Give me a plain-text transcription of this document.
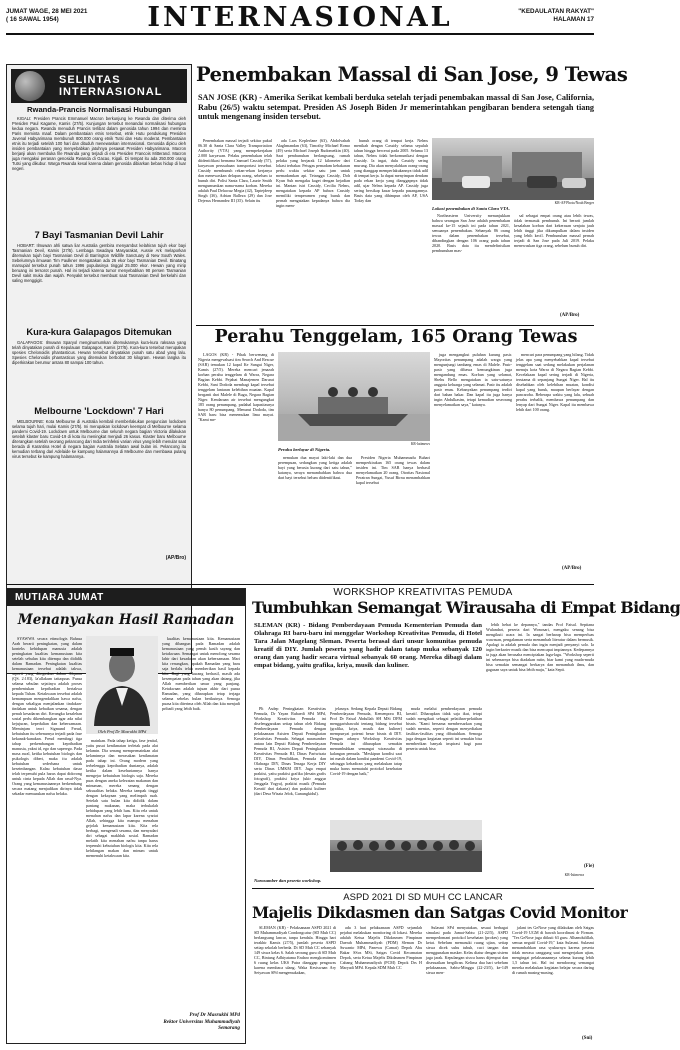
JUMAT WAGE, 28 MEI 2021
( 16 SAWAL 1954)	INTERNASIONAL	"KEDAULATAN RAKYAT"
HALAMAN 17
SELINTAS
INTERNASIONAL
Rwanda-Prancis Normalisasi Hubungan

KIGALI: Presiden Prancis Emmanuel Macron berkunjung ke Rwanda dan diterima oleh Presiden Paul Kagame, Kamis (27/5). Kunjungan tersebut menandai normalisasi hubungan kedua negara. Rwanda menuduh Prancis terlibat dalam genosida tahun 1994 dan meminta Paris meminta maaf. Dalam pembantaian etnis tersebut, etnik Hutu pendukung Presiden Juvenal Habyarimana membunuh 800.000 orang etnik Tutsi dan Hutu moderat. Pembantaian etnis itu terjadi setelah 100 hari dan dituduh menewaskan internasional. Genosida dipicu oleh insiden pembantaian yang menyebabkan jatuhnya pesawat Presiden Habyarimana. Macron berjanji akan membuka file Rwanda yang terjadi di era Presiden Francois Mitterand. Macron juga mengakui peranan genosida Rwanda di Gacao, Kigali. Di tempat itu ada 250.000 orang Tutsi yang dikubur. Warga Rwanda kesal karena dalam genosida dibiarkan bebas hidup di luar negeri.

7 Bayi Tasmanian Devil Lahir

HOBART: Ilmuwan ahli satwa liar Australia gembira menyambut kelahiran tujuh ekor bayi Tasmanian Devil, Kamis (27/5). Lembaga Swadaya Masyarakat, Aussie Ark melaporkan ditemukan tujuh bayi Tasmanian Devil di Barrington Wildlife Sanctuary di New South Wales. Sebelumnya ilmuwan Tim Faulkner mengatakan ada 26 ekor bayi Tasmanian Devil. Binatang marsupial tersebut punah tahun 1996 populasinya tinggal 25.000 ekor. Hewan yang mirip beruang ini tersorot punah. Hal ini terjadi karena tumor menyebabkan 90 persen Tasmanian Devil sakit muka dan wajah. Penyakit tersebut membuat saat Tasmanian Devil berkelahi dan saling menggigit.

Kura-kura Galapagos Ditemukan

GALAPAGOS: Ilmuwan Sparyol menginumumkan ditemukannya kura-kura raksasa yang telah dinyatakan punah di Kepulauan Galapagos, Kamis (27/5). Kura-kura tersebut merupakan spesies Chelonoidis phantasticus. Hewan tersebut dinyatakan punah satu abad yang lalu. Spesies Chelonoidis phantasticus yang ditemukan berbobot 30 kilogram. Hewan langka itu diperkirakan berumur antara 80 sampai 100 tahun.

Melbourne 'Lockdown' 7 Hari

MELBOURNE: Kota Melbourne di Australia kembali memberlakukan penguncian lockdown selama tujuh hari, mulai Kamis (27/5). Ini merupakan lockdown keempat di Melbourne selama pandemi Covid-19. Lockdown untuk Melbourne dan seluruh negara bagian Victoria dilakukan setelah klaster baru Covid-19 di kota itu meningkat menjadi 26 kasus. Klaster baru Melbourne diterangkan setelah seorang pelancong dari India terinfeksi varian virus yang lebih menular saat berada di Karantina Hotel di negara bagian Australia Selatan awal bulan ini. Pelancong itu kemudian terbang dari Adelaide ke kampung halamannya di Melbourne dan membawa pulang virus tersebut ke kampung halamannya.

(AP/Bro)
Penembakan Massal di San Jose, 9 Tewas

SAN JOSE (KR) - Amerika Serikat kembali berduka setelah terjadi penembakan massal di San Jose, California, Rabu (26/5) waktu setempat. Presiden AS Joseph Biden Jr memerintahkan pengibaran bendera setengah tiang untuk mengenang insiden tersebut.

Penembakan massal terjadi sekitar pukul 06.30 di Santa Clara Valley Transportation Authority (VTA) yang mempekerjakan 2.000 karyawan. Pelaku penembakan telah diidentifikasi bernama Samuel Cassidy (57), karyawan perusahaan transportasi tersebut. Cassidy membunuh rekan-rekan kerjanya dan menewaskan delapan orang, sebelum ia bunuh diri. Polisi Santa Clara, Laurie Smith mengumumkan nama-nama korban. Mereka adalah Paul Delacruz Megia (42), Taptejdeep Singh (36), Adrian Balleza (29) dan Jose Dejesus Hernandez III (35). Selain itu

ada Lars Keplerlane (63), Abdolvahab Alaghmandan (63), Timothy Michael Romo (49) serta Michael Joseph Rudometkin (40). Saat pembunuhan berlangsung, rumah pelaku yang berjarak 12 kilometer dari lokasi terbakar. Petugas pemadam kebakaran perlu waktu sekitar satu jam untuk memadamkan api. Tetangga Cassidy, Doh Kyun Suh mengaku kaget dengan kejadian ini. Mantan istri Cassidy, Cecilia Nelms, mengatakan kepada AP bahwa Cassidy memiliki temperamen yang buruk dan pernah mengatakan kepadanya bahwa dia ingin mem-

bunuh orang di tempat kerja. Nelms menikah dengan Cassidy selama sepuluh tahun hingga bercerai pada 2005. Selama 13 tahun, Nelms tidak berkomunikasi dengan Cassidy. Ia ingat, dulu Cassidy sering murung. Dia akan menyalahkan orang-orang yang dianggap memperlakukannya tidak adil di tempat kerja. Ia dapat menyimpan dendam pada rekan kerja yang dianggapnya tidak adil, ujar Nelms kepada AP. Cassidy juga sering bersikap kasar kepada pasangannya. Basis data yang dihimpun oleh AP, USA Today dan	KR-AP Photo/Noah Berger
Lokasi penembakan di Santa Clara VTA.

Northeastern University menunjukkan bahwa serangan San Jose adalah penembakan massal ke-15 sejauh ini pada tahun 2021, semuanya penembakan. Sebanyak 86 orang tewas dalam penembakan tersebut, dibandingkan dengan 106 orang pada tahun 2020. Basis data itu mendefinisikan pembunuhan mas-

sal sebagai empat orang atau lebih tewas, tidak termasuk pembunuh. Ini berarti jumlah kesalahan korban dari kekerasan senjata jauh lebih tinggi jika dikumpulkan dalam insiden yang lebih kecil. Pembunuhan massal pernah terjadi di San Jose pada Juli 2019. Pelaku menewaskan tiga orang, sebelum bunuh diri.

(AP/Bro)
Perahu Tenggelam, 165 Orang Tewas

LAGOS (KR) - Pihak berwenang di Nigeria mengevaluasi tim Search And Rescue (SAR) temukan 12 kapal Ke Sungai Niger, Kamis (27/5). Mereka mencari jenazah korban perahu tenggelam di Warra, Negara Bagian Kebbi. Pejabat Manajemen Darurat Kebbi, Sani Dododa membagi kapal tersebut tenggelam lantaran kelebihan muatan. Kapal berganti dari Malele di Bugu, Negara Bagian Niger. Kendaraan air tersebut mengangkut 185 orang penumpang, padahal kapasitasnya hanya 80 penumpang. Menurut Dododa, tim SAR baru bisa menemukan lima mayat. "Kami me-

KR-latimews
Perahu berlayar di Nigeria.

nemukan dua mayat laki-laki dan dua perempuan, sedangkan yang ketiga adalah bayi yang berusia kurang dari satu tahun," katanya, seraya menambahkan bahwa dua dari bayi tersebut belum diidentifikasi.

Presiden Nigeria Muhammadu Buhari memperkirakan 165 orang tewas dalam insiden ini. Tim SAR hanya berhasil menyelamatkan 20 orang. Otoritas Nasional Perairan Sungai, Yusuf Birnu menambahkan kapal tersebut

juga mengangkut puluhan karung pasir. Mayoritas penumpang adalah warga yang mengunjungi tambang emas di Malele. Pasir-pasir yang dibawa kemungkinan juga mengandung emas. Korban yang selamat, Shehu Bello mengatakan ia satu-satunya anggota keluarga yang selamat. Pasir itu adalah pasir emas. Kebanyakan penumpang terdiri dari bahan bakar. Dan kapal itu juga hanya ingin Abdulkasim, tetapi kemudian seseorang menyelamatkan saya," katanya.

mencari para penumpang yang hilang. Tidak jelas apa yang menyebabkan kapal tersebut tenggelam saat sedang melakukan perjalanan menuju kota Warra di Negara Bagian Kebbi. Kecelakaan kapal sering terjadi di Nigeria, terutama di sepanjang Sungai Niger. Hal itu disebabkan oleh kelebihan muatan, kondisi kapal yang buruk, maupun berlayar dengan pancaroba. Beberapa waktu yang lalu, sebuah perahu terbalik, membawa penumpang dan lenyap dari Sungai Niger. Kapal itu membawa lebih dari 100 orang.

(AP/Bro)
MUTIARA JUMAT
Menanyakan Hasil Ramadan

SYAWWA secara etimologis Bahasa Arab berarti peningkatan, yang dalam konteks kehidupan manusia adalah peningkatan kualitas kemanusiaan kita setelah sebulan kita ditempa dan dididik dalam Ramadan. Peningkatan kualitas kemanusiaan tersebut adalah takwa, seperti yang ditegaskan dalam Alquran (QS. 2:183), la'allakum tattaquun. Puasa selama sebulan sejatinya adalah proses pembentukan kepribadian bertakwa kepada Tuhan. Ketakwaan tersebut adalah kemampuan mengendalikan hawa nafsu, dengan sekaligus menjalankan tindakan-tindakan untuk kebaikan sesama, dengan penuh kesadaran diri. Kerangka kesalehan sosial perlu dikembangkan agar ada nilai kejujuran, kepedulian dan kebersamaan. Meminjam teori Sigmund Freud, kebutuhan itu sebenarnya terjadi pada fase kekanak-kanakan. Freud membagi tiga tahap perkembangan kepribadian manusia, yakni id, ego dan superego. Pada masa awal, ketika kebutuhan biologis dan psikologis diberi, maka itu adalah kebutuhan sederhana untuk keseimbangan. Kalau kebutuhan dasar telah terpenuhi pula harus dapat didorong untuk cinta kepada Allah dan rasul-Nya. Orang yang kemanusiaannya berkembang secara matang menjadikan dirinya tidak sekadar memuaskan nafsu belaka.

Oleh Prof Dr Masrukhi MPd

mainkan. Pada tahap ketiga, fase jenital, yaitu pusat kenikmatan terletak pada alat kelamin. Dia senang mempermainkan alat kelaminnya dan merasakan kenikmatan pada tahap ini. Orang modern yang terbelenggu kepribadian dunianya, adalah ketika dalam kesehariannya hanya mengejar kebutuhan biologis saja. Mereka puas dengan aneka kelezatan makanan dan minuman, mereka senang dengan seksualitas belaka. Mereka tampak tinggi dengan kekayaan yang melimpah ruah. Setelah satu bulan kita dididik dalam pantang makanan, maka terbukalah kehidupan yang lebih luas. Kita rela untuk menahan nafsu dan lapar karena syariat Allah, sehingga kita mampu menahan gejolak kemanusiaan kita. Kita rela berbagi, mengenali sesama, dan menyadari diri sebagai makhluk sosial. Ramadan melatih kita menahan nafsu tanpa harus terpenuhi kebutuhan biologis kita. Kita rela kehilangan makan dan minum untuk memenuhi ketakwaan kita.

kualitas kemanusiaan kita. Kemanusiaan yang dibangun pada Ramadan adalah kemanusiaan yang penuh kasih sayang dan ketakwaan. Semangat untuk menolong sesama lahir dari kesadaran akan kebersamaan. Mari kita renungkan, apakah Ramadan yang baru saja berlalu telah memberikan hasil kepada kita. Bagi yang kurang berhasil, masih ada kesempatan pada tahun yang akan datang, jika Allah memberikan umur yang panjang. Ketakwaan adalah tujuan akhir dari puasa Ramadan, yang diharapkan tetap terjaga selama sebelas bulan berikutnya. Semoga puasa kita diterima oleh Allah dan kita menjadi pribadi yang lebih baik.

Prof Dr Masrukhi MPd
Rektor Universitas Muhammadiyah Semarang
WORKSHOP KREATIVITAS PEMUDA
Tumbuhkan Semangat Wirausaha di Empat Bidang

SLEMAN (KR) - Bidang Pemberdayaan Pemuda Kementerian Pemuda dan Olahraga RI baru-baru ini menggelar Workshop Kreativitas Pemuda, di Hotel Tara Jalan Magelang Sleman. Peserta berasal dari unsur komunitas pemuda kreatif di DIY. Jumlah peserta yang hadir dalam tatap muka sebanyak 120 orang dan yang hadir secara virtual sebanyak 60 orang. Mereka dibagi dalam empat bidang, yaitu grafika, kriya, musik dan kuliner.

Plt Asdep Peningkatan Kreativitas Pemuda, Dr Yayan Rubaedi SPd MPd, Workshop Kreativitas Pemuda ini diselenggarakan setiap tahun oleh Bidang Pemberdayaan Pemuda dengan pelaksanaan Asisten Deputi Peningkatan Kreativitas Pemuda. Sebagai narasumber antara lain Deputi Bidang Pemberdayaan Pemuda RI, Asisten Deputi Peningkatan Kreativitas Pemuda RI, Dinas Pariwisata DIY, Dinas Pendidikan, Pemuda dan Olahraga DIY, Dinas Tenaga Kerja DIY serta Dinas UMKM DIY. Juga empat praktisi, yaitu praktisi grafika (desain grafis fotografi), praktisi kriya (ukir anggur Jenggala Yogya), praktisi musik (Pemuda Kreatif dari dakarta) dan praktisi kuliner (dari Desa Wisata Jelok, Gunungkidul).

jelasnya. Sedang Kepala Deputi Bidang Pemberdayaan Pemuda, Kemenpora RI, Prof Dr Faisal Abdullah SH MSi DFM menggarisbawahi tentang bidang tersebut (grafika, kriya, musik dan kuliner) mempunyai potensi besar bisnis di DIY. Dengan adanya Workshop Kreativitas Pemuda ini diharapkan semakin menumbuhkan semangat wirausaha di kalangan pemuda. "Meskipun kondisi saat ini masih dalam kondisi pandemi Covid-19, sehingga kehadiran yang melakukan tatap muka harus mematuhi protokol kesehatan Covid-19 dengan baik,"

muda melalui pemberdayaan pemuda kreatif. Diharapkan tidak saja ikut, tetapi sudah mengikuti sebagai pelatihan-pelatihan bisnis. "Kami bersama membersarkan yang sudah mentas, seperti dengan menyediakan fasilitas-fasilitas yang dibutuhkan. Semoga juga dengan kegiatan seperti ini semakin bisa memberikan banyak inspirasi bagi para peserta untuk bisa

lebih hebat ke depannya," tandas Prof Faisal. Septiana Wulandari, peserta dari Wonosari, mengaku senang bisa mengikuti acara ini. Ia sangat berharap bisa memperluas wawasan, pengalaman serta menambah literatur dalam bermusik. Apalagi ia adalah pemula dan ingin menjadi penyanyi solo. Ia ingin berkarier musik dan bisa mencapai impiannya. Kedepannya ia juga akan berusaha menciptakan lagu-lagu. "Workshop seperti ini sebenarnya bisa diadakan rutin, biar kami yang muda-muda bisa semakin semangat berkarya dan menambah ilmu, dan gagasan saya untuk bisa lebih maju," kata Septi.

(Fie)
KR-Istimewa
Narasumber dan peserta workshop.
ASPD 2021 DI SD MUH CC LANCAR
Majelis Dikdasmen dan Satgas Covid Monitor

SLEMAN (KR) - Pelaksanaan ASPD 2021 di SD Muhammadiyah Condongcatur (SD Muh CC) berlangsung lancar, tanpa kendala. Hingga hari terakhir Kamis (27/5), jumlah peserta ASPD setiap sekolah berbeda. Di SD Muh CC sebanyak 149 siswa kelas 6. Salah seorang guru di SD Muh CC, Bintang Adhiyatama Endaro mengkomitmen 6 ruang kelas UKS Putra dianggap pengawas karena membaca ulang. Waka Kesiswaan Ary Setyawan SPd mengemukakan,

ada 3 hari pelaksanaan ASPD sejumlah pejabat melakukan monitoring di lokasi. Mereka adalah Ketua Majelis Dikdasmen Pimpinan Daerah Muhammadiyah (PDM) Sleman Dr Suwanto MPd, Panewu (Camat) Depok Abu Bakar SSos MSi, Satgas Covid Kecamatan Depok, serta Ketua Majelis Dikdasmen Pimpinan Cabang Muhammadiyah (PCM) Depok Drs H Maryadi MPd. Kepala SDM Muh CC

Sulasmi SPd menyatakan, sesuai berbagai simulasi pada Jumat-Sabtu (21-22/5), ASPD mempedomani protokol kesehatan (prokes) yang ketat. Sebelum memasuki ruang ujian, setiap siswa dicek suhu tubuh, cuci tangan dan menggunakan masker. Kelas diatur dengan sistem jaga jarak. Kepulangan siswa harus dijemput dan disesuaikan bergiliran. Kelima dua hari sebelum pelaksanaan, Sabtu-Minggu (22-23/5), ke-149 siswa men-

jalani tes GeNose yang dilakukan oleh Satgas Covid-19 UGM di bawah koordinasi dr Firman. "Tes GeNose juga diikuti 63 guru. Alhamdulillah, semua negatif Covid-19," kata Sulasmi. Sulasmi menambahkan rasa syukurnya karena peserta tidak merasa canggung saat mengerjakan ujian, mengingat pelaksanaannya selama kurang lebih 1,5 tahun ini. Hal ini mendorong semangat mereka melakukan kegiatan belajar secara daring di rumah masing-masing.

(Sni)
